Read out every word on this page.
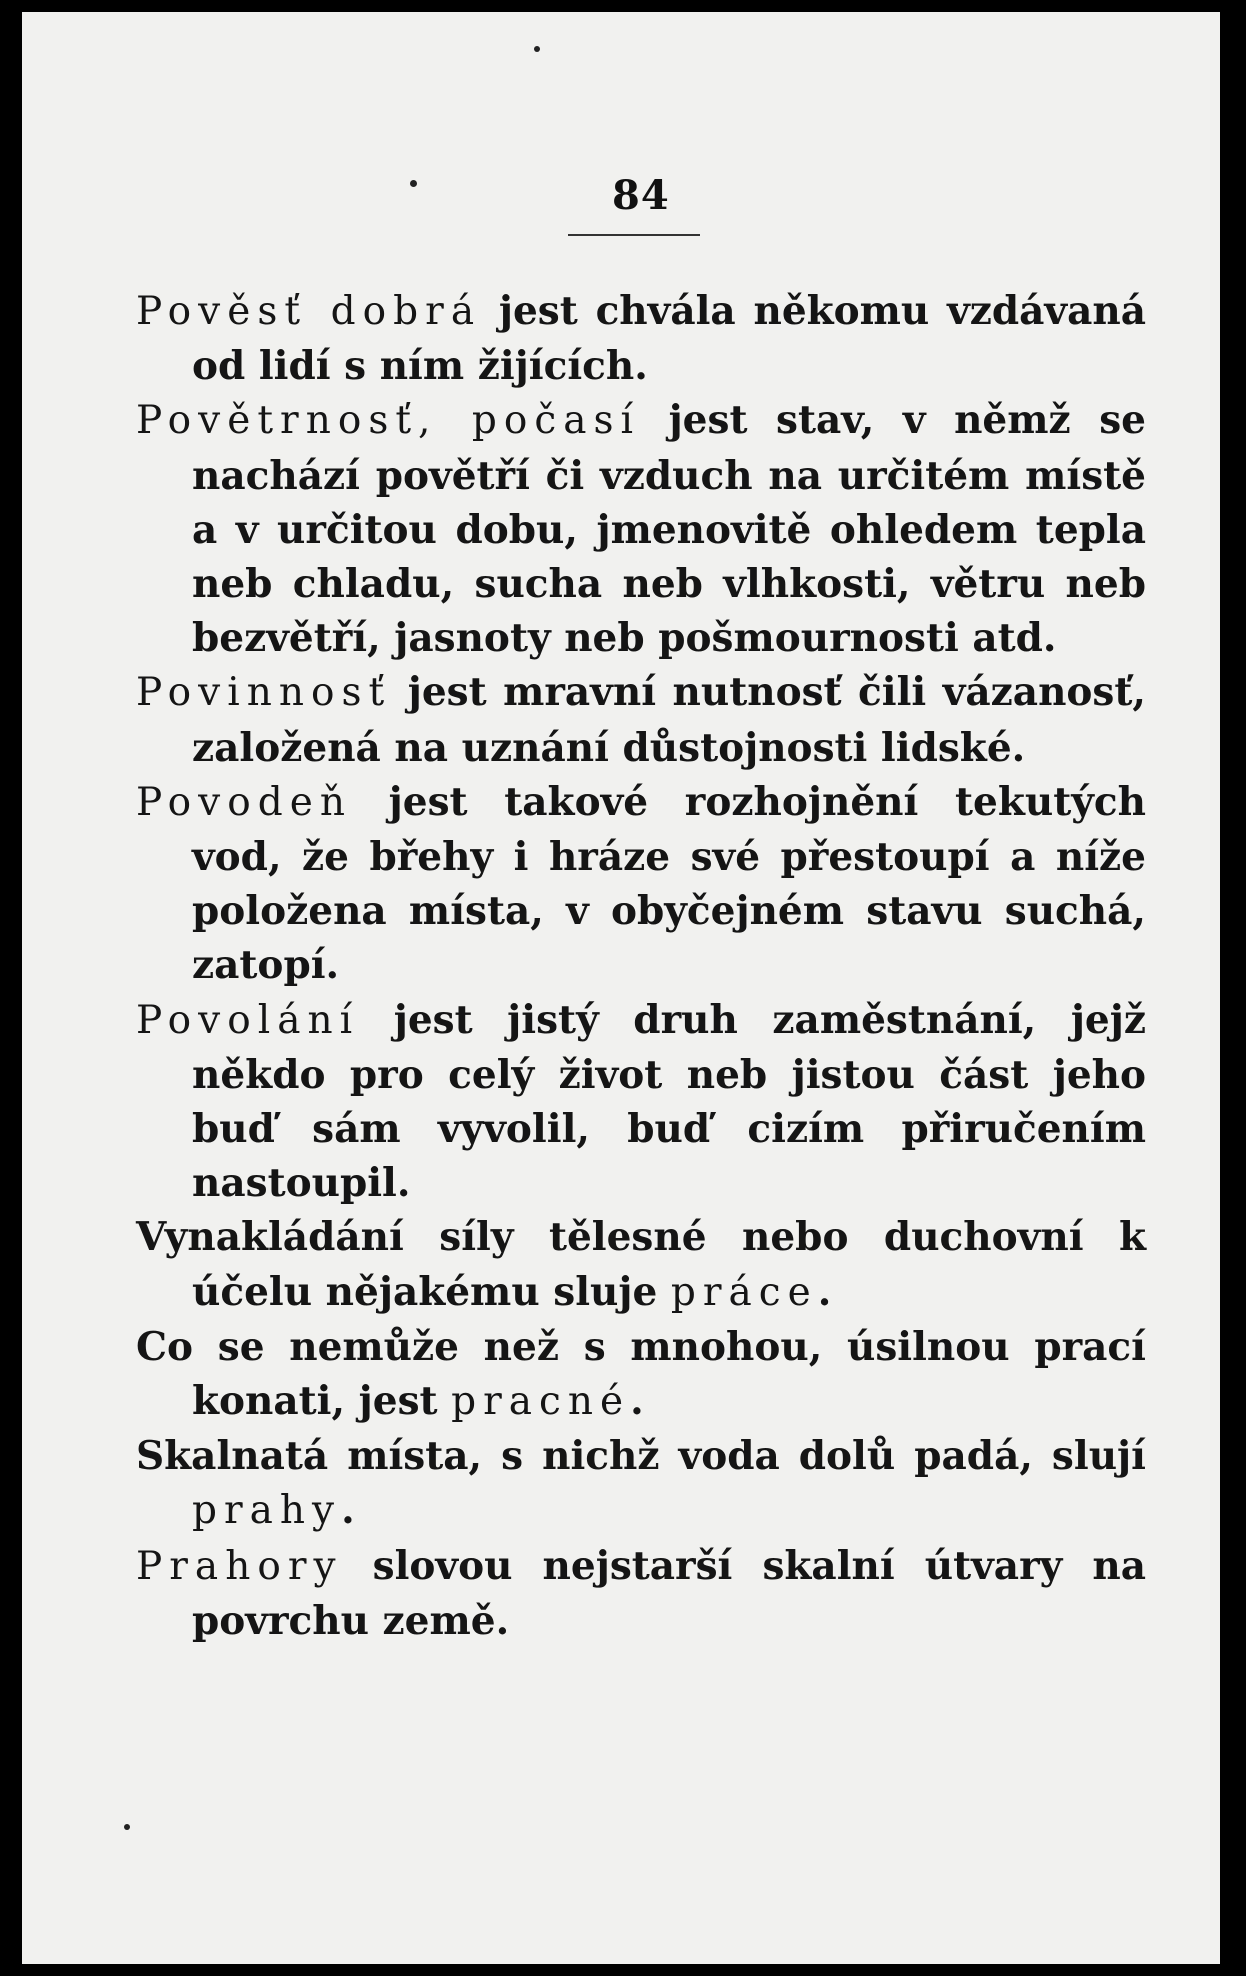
84

Pověsť dobrá jest chvála někomu vzdávaná od lidí s ním žijících.

Povětrnosť, počasí jest stav, v němž se nachází povětří či vzduch na určitém místě a v určitou dobu, jmenovitě ohledem tepla neb chladu, sucha neb vlhkosti, větru neb bezvětří, jasnoty neb pošmournosti atd.

Povinnosť jest mravní nutnosť čili vázanosť, založená na uznání důstojnosti lidské.

Povodeň jest takové rozhojnění tekutých vod, že břehy i hráze své přestoupí a níže položena místa, v obyčejném stavu suchá, zatopí.

Povolání jest jistý druh zaměstnání, jejž někdo pro celý život neb jistou část jeho buď sám vyvolil, buď cizím přiručením nastoupil.

Vynakládání síly tělesné nebo duchovní k účelu nějakému sluje práce.

Co se nemůže než s mnohou, úsilnou prací konati, jest pracné.

Skalnatá místa, s nichž voda dolů padá, slují prahy.

Prahory slovou nejstarší skalní útvary na povrchu země.
